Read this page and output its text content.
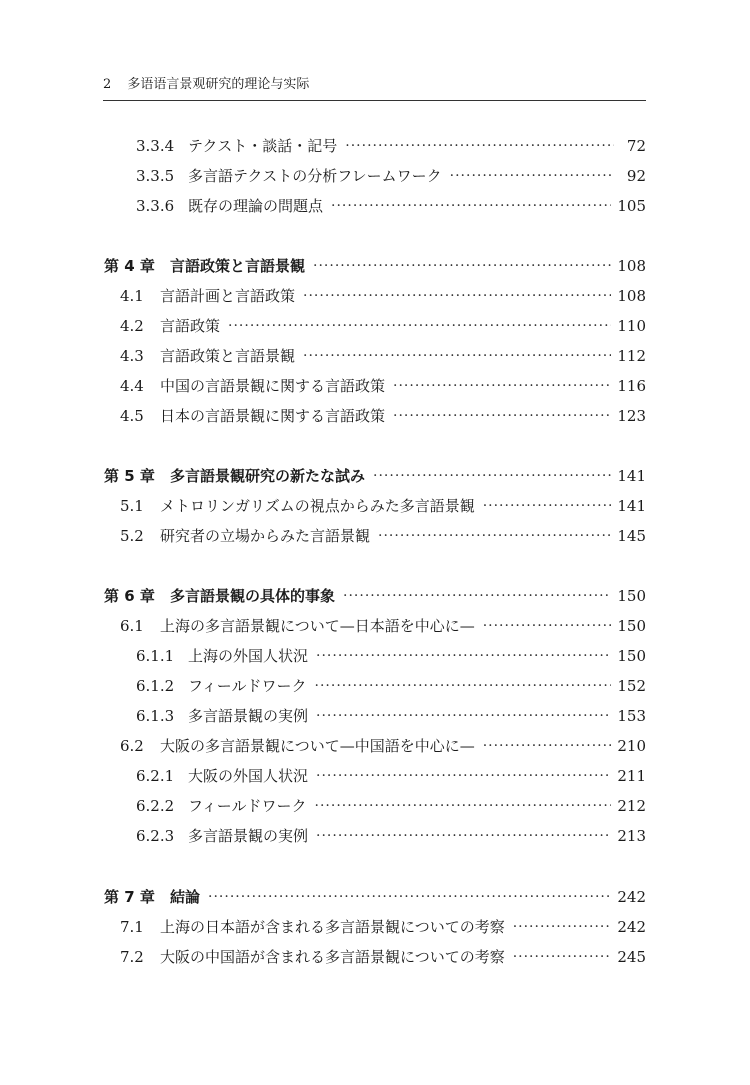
2 多语语言景观研究的理论与实际
3.3.4 テクスト・談話・記号 ·····	72
3.3.5 多言語テクストの分析フレームワーク ·····	92
3.3.6 既存の理論の問題点 ·····	105
第 4 章	言語政策と言語景観 ·····	108
4.1	言語計画と言語政策 ·····	108
4.2	言語政策 ·····	110
4.3	言語政策と言語景観 ·····	112
4.4	中国の言語景観に関する言語政策 ·····	116
4.5	日本の言語景観に関する言語政策 ·····	123
第 5 章	多言語景観研究の新たな試み ·····	141
5.1	メトロリンガリズムの視点からみた多言語景観 ·····	141
5.2	研究者の立場からみた言語景観 ·····	145
第 6 章	多言語景観の具体的事象 ·····	150
6.1	上海の多言語景観について—日本語を中心に— ·····	150
6.1.1 上海の外国人状況 ·····	150
6.1.2 フィールドワーク ·····	152
6.1.3 多言語景観の実例 ·····	153
6.2	大阪の多言語景観について—中国語を中心に— ·····	210
6.2.1 大阪の外国人状況 ·····	211
6.2.2 フィールドワーク ·····	212
6.2.3 多言語景観の実例 ·····	213
第 7 章	結論 ·····	242
7.1	上海の日本語が含まれる多言語景観についての考察 ·····	242
7.2	大阪の中国語が含まれる多言語景観についての考察 ·····	245
